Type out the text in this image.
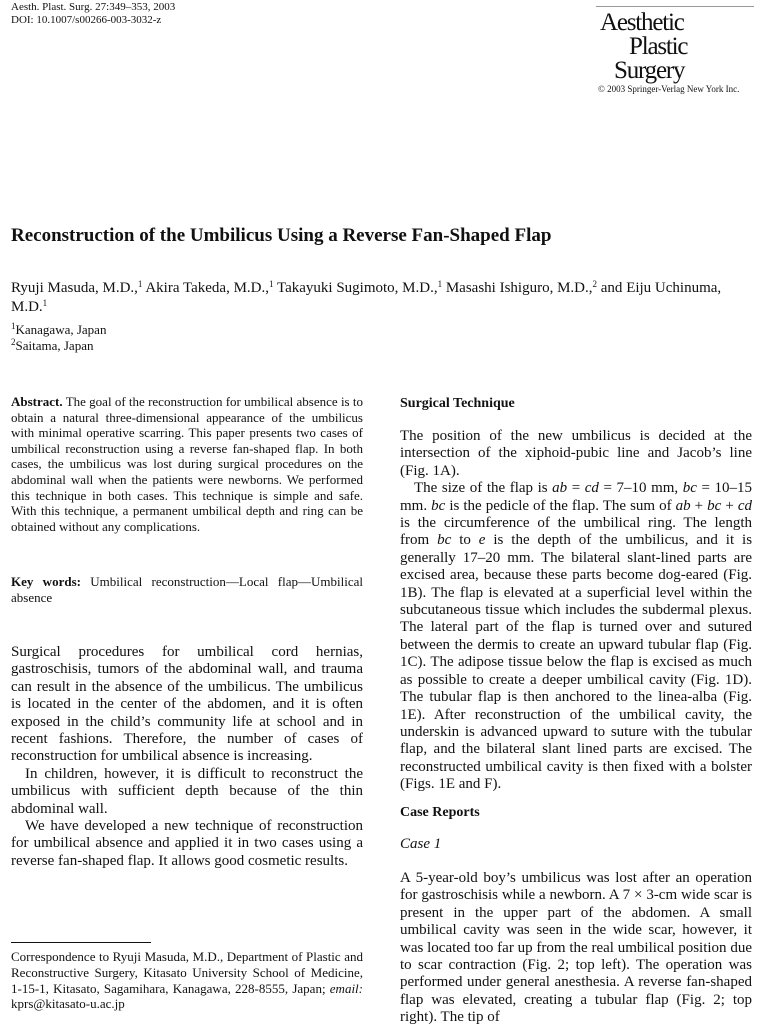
Aesth. Plast. Surg. 27:349–353, 2003
DOI: 10.1007/s00266-003-3032-z	Aesthetic
Plastic
Surgery
© 2003 Springer-Verlag New York Inc.
Reconstruction of the Umbilicus Using a Reverse Fan-Shaped Flap
Ryuji Masuda, M.D.,$^1$ Akira Takeda, M.D.,$^1$ Takayuki Sugimoto, M.D.,$^1$ Masashi Ishiguro, M.D.,$^2$ and Eiju Uchinuma, M.D.$^1$
$^1$Kanagawa, Japan
$^2$Saitama, Japan

Abstract. The goal of the reconstruction for umbilical absence is to obtain a natural three-dimensional appearance of the umbilicus with minimal operative scarring. This paper presents two cases of umbilical reconstruction using a reverse fan-shaped flap. In both cases, the umbilicus was lost during surgical procedures on the abdominal wall when the patients were newborns. We performed this technique in both cases. This technique is simple and safe. With this technique, a permanent umbilical depth and ring can be obtained without any complications.

Key words: Umbilical reconstruction—Local flap—Umbilical absence

Surgical procedures for umbilical cord hernias, gastroschisis, tumors of the abdominal wall, and trauma can result in the absence of the umbilicus. The umbilicus is located in the center of the abdomen, and it is often exposed in the child’s community life at school and in recent fashions. Therefore, the number of cases of reconstruction for umbilical absence is increasing.

In children, however, it is difficult to reconstruct the umbilicus with sufficient depth because of the thin abdominal wall.

We have developed a new technique of reconstruction for umbilical absence and applied it in two cases using a reverse fan-shaped flap. It allows good cosmetic results.

Correspondence to Ryuji Masuda, M.D., Department of Plastic and Reconstructive Surgery, Kitasato University School of Medicine, 1-15-1, Kitasato, Sagamihara, Kanagawa, 228-8555, Japan; email: kprs@kitasato-u.ac.jp

Surgical Technique

The position of the new umbilicus is decided at the intersection of the xiphoid-pubic line and Jacob’s line (Fig. 1A).

The size of the flap is ab = cd = 7–10 mm, bc = 10–15 mm. bc is the pedicle of the flap. The sum of ab + bc + cd is the circumference of the umbilical ring. The length from bc to e is the depth of the umbilicus, and it is generally 17–20 mm. The bilateral slant-lined parts are excised area, because these parts become dog-eared (Fig. 1B). The flap is elevated at a superficial level within the subcutaneous tissue which includes the subdermal plexus. The lateral part of the flap is turned over and sutured between the dermis to create an upward tubular flap (Fig. 1C). The adipose tissue below the flap is excised as much as possible to create a deeper umbilical cavity (Fig. 1D). The tubular flap is then anchored to the linea-alba (Fig. 1E). After reconstruction of the umbilical cavity, the underskin is advanced upward to suture with the tubular flap, and the bilateral slant lined parts are excised. The reconstructed umbilical cavity is then fixed with a bolster (Figs. 1E and F).

Case Reports

Case 1

A 5-year-old boy’s umbilicus was lost after an operation for gastroschisis while a newborn. A 7 × 3-cm wide scar is present in the upper part of the abdomen. A small umbilical cavity was seen in the wide scar, however, it was located too far up from the real umbilical position due to scar contraction (Fig. 2; top left). The operation was performed under general anesthesia. A reverse fan-shaped flap was elevated, creating a tubular flap (Fig. 2; top right). The tip of
